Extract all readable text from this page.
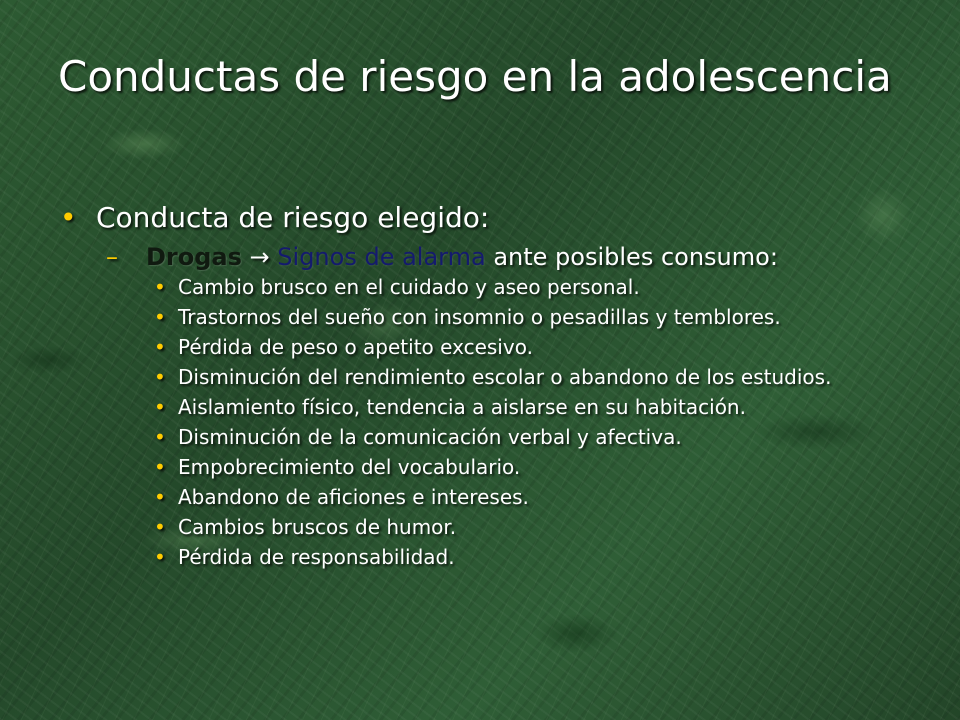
Conductas de riesgo en la adolescencia
• Conducta de riesgo elegido:
– Drogas → Signos de alarma ante posibles consumo:
• Cambio brusco en el cuidado y aseo personal.
• Trastornos del sueño con insomnio o pesadillas y temblores.
• Pérdida de peso o apetito excesivo.
• Disminución del rendimiento escolar o abandono de los estudios.
• Aislamiento físico, tendencia a aislarse en su habitación.
• Disminución de la comunicación verbal y afectiva.
• Empobrecimiento del vocabulario.
• Abandono de aficiones e intereses.
• Cambios bruscos de humor.
• Pérdida de responsabilidad.
